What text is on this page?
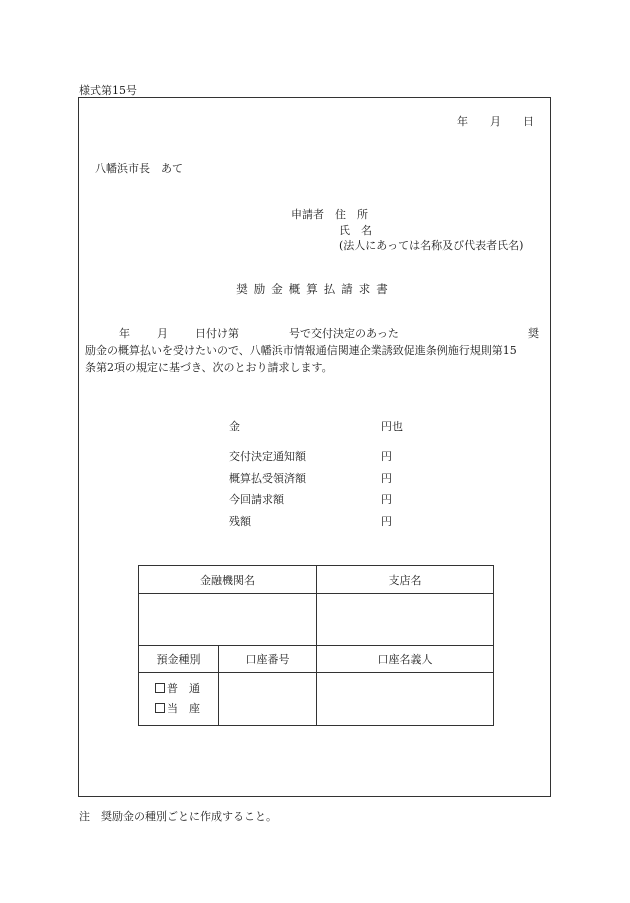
様式第15号
年 月 日
八幡浜市長　あて
申請者　 住　所
氏　名
(法人にあっては名称及び代表者氏名)
奨励金概算払請求書
年 月 日付け第	号で交付決定のあった	奨
励金の概算払いを受けたいので、八幡浜市情報通信関連企業誘致促進条例施行規則第15
条第2項の規定に基づき、次のとおり請求します。
金	円也
交付決定通知額	円
概算払受領済額	円
今回請求額	円
残額	円
金融機関名		支店名

預金種別	口座番号	口座名義人

普　通
当　座		

注　奨励金の種別ごとに作成すること。
